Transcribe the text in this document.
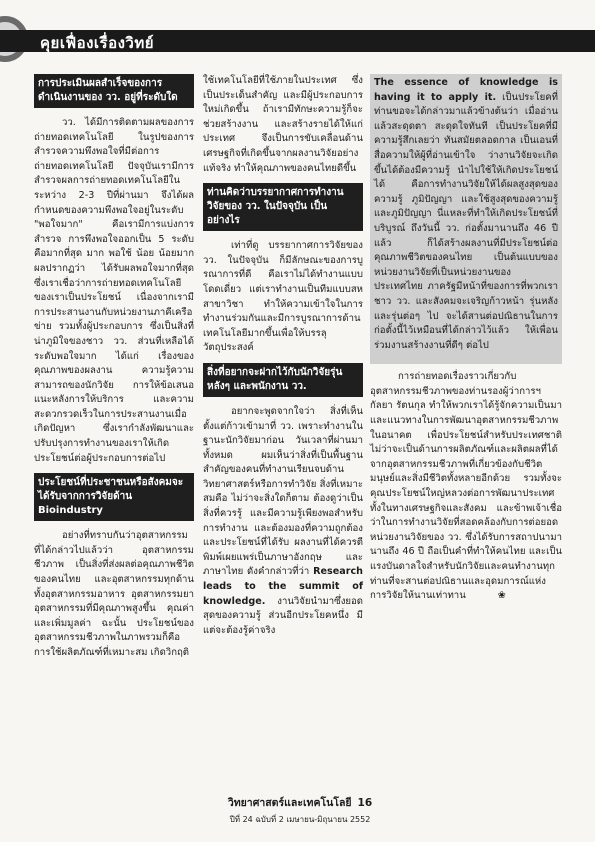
คุยเฟื่องเรื่องวิทย์
การประเมินผลสำเร็จของการดำเนินงานของ วว. อยู่ที่ระดับใด

วว. ได้มีการติดตามผลของการถ่ายทอดเทคโนโลยี ในรูปของการสำรวจความพึงพอใจที่มีต่อการถ่ายทอดเทคโนโลยี ปัจจุบันเรามีการสำรวจผลการถ่ายทอดเทคโนโลยีในระหว่าง 2-3 ปีที่ผ่านมา จึงได้ผลกำหนดของความพึงพอใจอยู่ในระดับ "พอใจมาก" คือเรามีการแบ่งการสำรวจ การพึงพอใจออกเป็น 5 ระดับ คือมากที่สุด มาก พอใช้ น้อย น้อยมาก ผลปรากฏว่า ได้รับผลพอใจมากที่สุด ซึ่งเราเชื่อว่าการถ่ายทอดเทคโนโลยีของเราเป็นประโยชน์ เนื่องจากเรามีการประสานงานกับหน่วยงานภาคีเครือข่าย รวมทั้งผู้ประกอบการ ซึ่งเป็นสิ่งที่น่าภูมิใจของชาว วว. ส่วนที่เหลือได้ระดับพอใจมาก ได้แก่ เรื่องของคุณภาพของผลงาน ความรู้ความสามารถของนักวิจัย การให้ข้อเสนอแนะหลังการให้บริการ และความสะดวกรวดเร็วในการประสานงานเมื่อเกิดปัญหา ซึ่งเรากำลังพัฒนาและปรับปรุงการทำงานของเราให้เกิดประโยชน์ต่อผู้ประกอบการต่อไป

ประโยชน์ที่ประชาชนหรือสังคมจะได้รับจากการวิจัยด้าน Bioindustry

อย่างที่ทราบกันว่าอุตสาหกรรมที่ได้กล่าวไปแล้วว่า อุตสาหกรรมชีวภาพ เป็นสิ่งที่ส่งผลต่อคุณภาพชีวิตของคนไทย และอุตสาหกรรมทุกด้าน ทั้งอุตสาหกรรมอาหาร อุตสาหกรรมยา อุตสาหกรรมที่มีคุณภาพสูงขึ้น คุณค่า และเพิ่มมูลค่า ฉะนั้น ประโยชน์ของอุตสาหกรรมชีวภาพในภาพรวมก็คือ การใช้ผลิตภัณฑ์ที่เหมาะสม เกิดวิกฤติ

ใช้เทคโนโลยีที่ใช้ภายในประเทศ ซึ่งเป็นประเด็นสำคัญ และมีผู้ประกอบการใหม่เกิดขึ้น ถ้าเรามีทักษะความรู้ก็จะช่วยสร้างงาน และสร้างรายได้ให้แก่ประเทศ จึงเป็นการขับเคลื่อนด้านเศรษฐกิจที่เกิดขึ้นจากผลงานวิจัยอย่างแท้จริง ทำให้คุณภาพของคนไทยดีขึ้น

ท่านคิดว่าบรรยากาศการทำงานวิจัยของ วว. ในปัจจุบัน เป็นอย่างไร

เท่าที่ดู บรรยากาศการวิจัยของ วว. ในปัจจุบัน ก็มีลักษณะของการบูรณาการที่ดี คือเราไม่ได้ทำงานแบบโดดเดี่ยว แต่เราทำงานเป็นทีมแบบสหสาขาวิชา ทำให้ความเข้าใจในการทำงานร่วมกันและมีการบูรณาการด้านเทคโนโลยีมากขึ้นเพื่อให้บรรลุวัตถุประสงค์

สิ่งที่อยากจะฝากไว้กับนักวิจัยรุ่นหลังๆ และพนักงาน วว.

อยากจะพูดจากใจว่า สิ่งที่เห็น ตั้งแต่ก้าวเข้ามาที่ วว. เพราะทำงานในฐานะนักวิจัยมาก่อน วันเวลาที่ผ่านมาทั้งหมด ผมเห็นว่าสิ่งที่เป็นพื้นฐานสำคัญของคนที่ทำงานเรียนจบด้านวิทยาศาสตร์หรือการทำวิจัย สิ่งที่เหมาะสมคือ ไม่ว่าจะสิ่งใดก็ตาม ต้องดูว่าเป็นสิ่งที่ควรรู้ และมีความรู้เพียงพอสำหรับการทำงาน และต้องมองที่ความถูกต้องและประโยชน์ที่ได้รับ ผลงานที่ได้ควรตีพิมพ์เผยแพร่เป็นภาษาอังกฤษ และภาษาไทย ดังคำกล่าวที่ว่า Research leads to the summit of knowledge. งานวิจัยนำมาซึ่งยอดสุดของความรู้ ส่วนอีกประโยคหนึ่ง มีแต่จะต้องรู้ค่าจริง

The essence of knowledge is having it to apply it. เป็นประโยคที่ท่านขอจะได้กล่าวมาแล้วข้างต้นว่า เมื่ออ่านแล้วสะดุดตา สะดุดใจทันที เป็นประโยคที่มีความรู้สึกเลยว่า ทันสมัยตลอดกาล เป็นเอนที่สื่อความให้ผู้ที่อ่านเข้าใจ ว่างานวิจัยจะเกิดขึ้นได้ต้องมีความรู้ นำไปใช้ให้เกิดประโยชน์ได้ คือการทำงานวิจัยให้ได้ผลสูงสุดของความรู้ ภูมิปัญญา และใช้สูงสุดของความรู้ และภูมิปัญญา นี่แหละที่ทำให้เกิดประโยชน์ที่บริบูรณ์ ถึงวันนี้ วว. ก่อตั้งมานานถึง 46 ปีแล้ว ก็ได้สร้างผลงานที่มีประโยชน์ต่อคุณภาพชีวิตของคนไทย เป็นต้นแบบของหน่วยงานวิจัยที่เป็นหน่วยงานของประเทศไทย ภาครัฐมีหน้าที่ของการที่พวกเราชาว วว. และสังคมจะเจริญก้าวหน้า รุ่นหลังและรุ่นต่อๆ ไป จะได้สานต่อปณิธานในการก่อตั้งนี้ไว้เหมือนที่ได้กล่าวไว้แล้ว ให้เพื่อนร่วมงานสร้างงานที่ดีๆ ต่อไป

การถ่ายทอดเรื่องราวเกี่ยวกับอุตสาหกรรมชีวภาพของท่านรองผู้ว่าการฯ กัลยา รัตนกุล ทำให้พวกเราได้รู้จักความเป็นมา และแนวทางในการพัฒนาอุตสาหกรรมชีวภาพในอนาคต เพื่อประโยชน์สำหรับประเทศชาติ ไม่ว่าจะเป็นด้านการผลิตภัณฑ์และผลิตผลที่ได้จากอุตสาหกรรมชีวภาพที่เกี่ยวข้องกับชีวิตมนุษย์และสิ่งมีชีวิตทั้งหลายอีกด้วย รวมทั้งจะคุณประโยชน์ใหญ่หลวงต่อการพัฒนาประเทศทั้งในทางเศรษฐกิจและสังคม และข้าพเจ้าเชื่อว่าในการทำงานวิจัยที่สอดคล้องกับการต่อยอดหน่วยงานวิจัยของ วว. ซึ่งได้รับการสถาปนามานานถึง 46 ปี ถือเป็นคำที่ทำให้คนไทย และเป็นแรงบันดาลใจสำหรับนักวิจัยและคนทำงานทุกท่านที่จะสานต่อปณิธานและอุดมการณ์แห่งการวิจัยให้นานเท่าทาน	❀

วิทยาศาสตร์และเทคโนโลยี 16
ปีที่ 24 ฉบับที่ 2 เมษายน-มิถุนายน 2552
